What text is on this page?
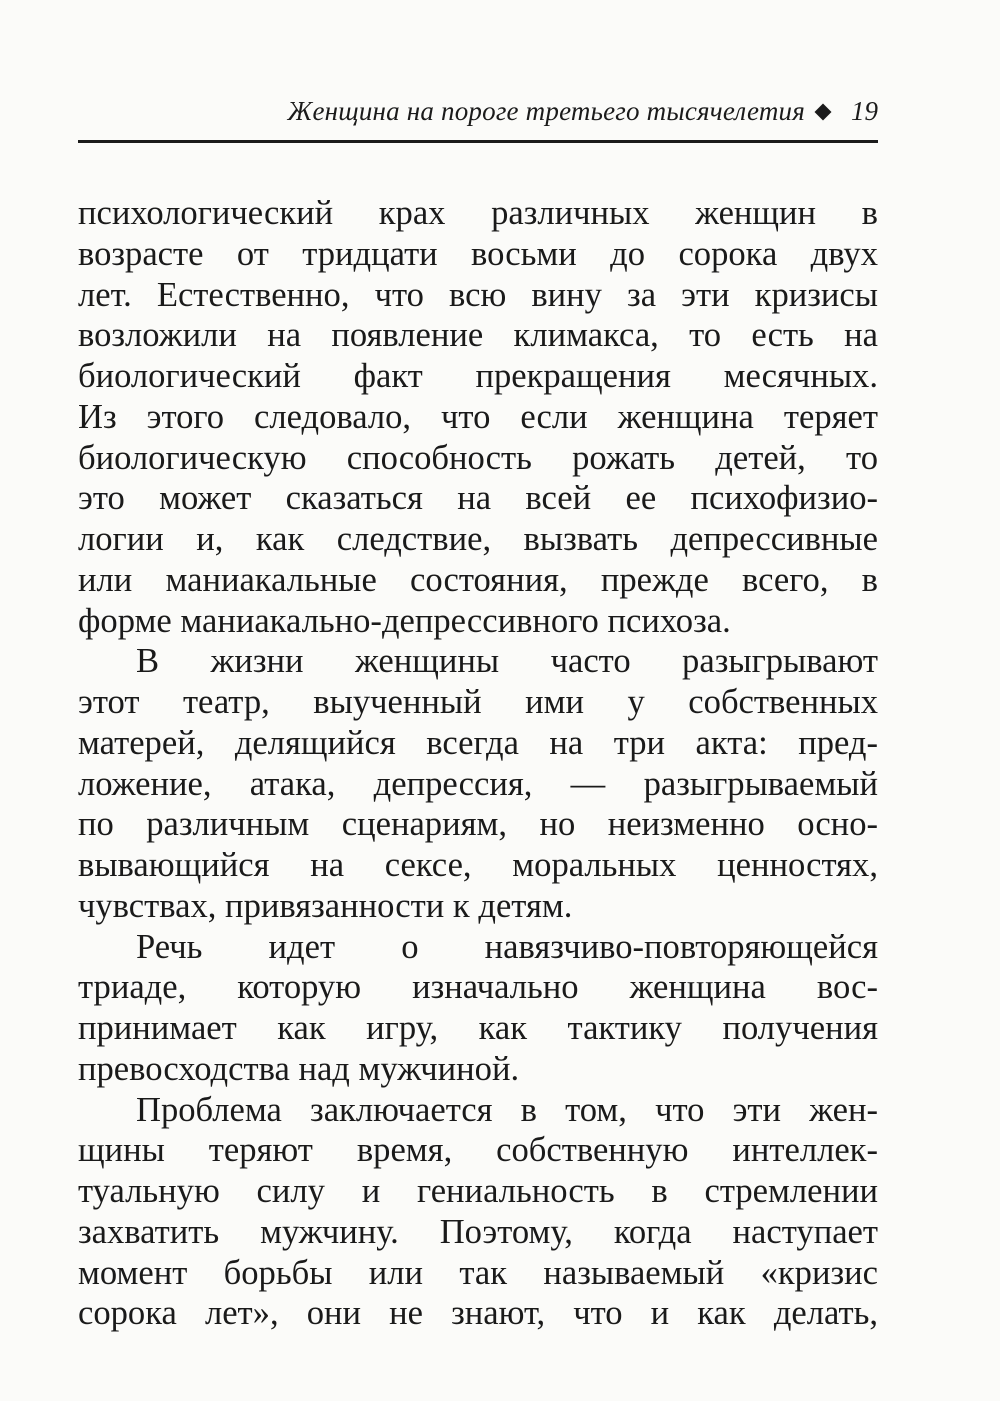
Женщина на пороге третьего тысячелетия 19
психологический крах различных женщин в
возрасте от тридцати восьми до сорока двух
лет. Естественно, что всю вину за эти кризисы
возложили на появление климакса, то есть на
биологический факт прекращения месячных.
Из этого следовало, что если женщина теряет
биологическую способность рожать детей, то
это может сказаться на всей ее психофизио-
логии и, как следствие, вызвать депрессивные
или маниакальные состояния, прежде всего, в
форме маниакально-депрессивного психоза.
В жизни женщины часто разыгрывают
этот театр, выученный ими у собственных
матерей, делящийся всегда на три акта: пред-
ложение, атака, депрессия, — разыгрываемый
по различным сценариям, но неизменно осно-
вывающийся на сексе, моральных ценностях,
чувствах, привязанности к детям.
Речь идет о навязчиво-повторяющейся
триаде, которую изначально женщина вос-
принимает как игру, как тактику получения
превосходства над мужчиной.
Проблема заключается в том, что эти жен-
щины теряют время, собственную интеллек-
туальную силу и гениальность в стремлении
захватить мужчину. Поэтому, когда наступает
момент борьбы или так называемый «кризис
сорока лет», они не знают, что и как делать,
